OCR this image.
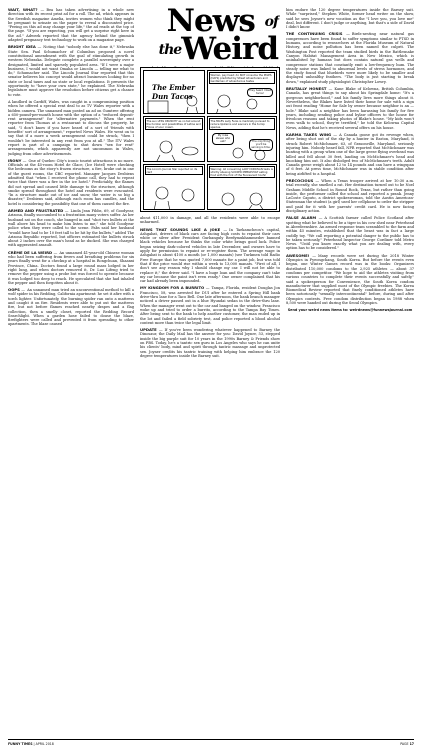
WAIT, WHAT? — Bea has taken advertising in a whole new direction with its recent print ad for a roll. The ad, which appears in the Swedish magazine Amelia, invites women who think they might be pregnant to urinate on the paper to reveal a discounted price. "Peeing on this ad may change your life," the ad reads at the top of the page. "If you are expecting, you will get a surprise right here in the ad." Adweek reported that the agency behind the gimmick adapted pregnancy test technology to work on a magazine page.
BRIGHT IDEA — Noting that "nobody else has done it," Nebraska State Sen. Paul Schumacher of Columbus proposed a novel constitutional amendment with the goal of stimulating growth in western Nebraska. Delegate complete a parallel sovereignty over a designated, limited and sparsely populated area. "If I were a major business, I would not want Omaha or Lincoln — telling me what to do," Schumacher said. The Lincoln Journal Star reported that this senator believes his concept would attract businesses looking for no state or local taxes and no state or local regulations. It presents the opportunity to "have your own state," he explained. The Nebraska legislature must approve the resolution before citizens get a chance to vote.
A landlord in Cardiff, Wales, was caught in a compromising position when he offered a special rent deal to as TV Wales reporter with a hidden camera. The unnamed man posted an ad on Gumtree offering a 650-pound-per-month house with the option of a "reduced deposit-rent arrangement" for "alternative payments." When the rent reporter from Thomas at a restaurant to discuss the property, he said, "I don't know if you have heard of a sort of 'friends with benefits' sort of arrangement," reported News Wales. He went on to say that if a more a week arrangement could be struck, "then I wouldn't be interested in any rent from you at all." The ITV Wales report is part of a campaign to shut down "sex for rent" arrangements, which apparently are not uncommon in Wales, judging from other advertisements.
IRONY — One of Quebec City's iconic tourist attractions is no more. Officials at the 45-room Hotel de Glace, (Ice Hotel) were checking the bedrooms as the story's frozen structure, a fire, broke out in one of the guest rooms, the CBC reported. Manager Jacques Desbiens admitted that "when I received the phone call, they had to repeat twice that there was a fire in the ice hotel." Predictably, the flames did not spread and caused little damage to the structure, although smoke spread throughout the hotel and residents were evacuated. "In a structure made out of ice and snow, the water is so big a disaster," Desbiens said, although each room has candles, and the hotel is considering the possibility that one of them caused the fire.
ARMED AND FRUSTRATED — Linda Jean Fibbs, 69, of Goodyear, Arizona, finally succumbed to a frustration many voters suffer. As her husband sat on the couch, she banged in and "shot two bullets at the wall above his head to make him listen to me," she told Goodyear police when they were called to the scene. Fabs said her husband "would have had to be 10 feet tall to be hit by the bullets," added The Arizona Republic reported, but officers estimated the bullets struck about 2 inches over the man's head as he ducked. She was charged with aggravated assault.
CRÈME DE LA WEIRD — An unnamed 41-year-old Chinese woman who had been suffering from fevers and breathing problems for six years finally went for a checkup at a hospital in Rongchuan, Shaanxi Province, China. Doctors found a large round mass lodged in her right lung, and when doctors removed it, Dr. Luo Lifeng tried to remove the pepper using a probe but was forced to operate because it was lodged too deep to reach. He speculated that she had inhaled the pepper and then forgotten about it.
OOPS — An unnamed man tried an unconventional method to kill a wolf spider in his Redding, California apartment: he set it afire with a torch lighter. Unfortunately, the burning spider ran onto a mattress and caught it on fire. Residents were able to put out the mattress fire, but not before flames reached nearby drapes and a flag collection, then a smelly closet, reported the Redding Record Searchlight. When a garden hose failed to douse the blaze, firefighters were called and prevented it from spreading to other apartments. The blaze caused
News of
theWeird
The Ember Dun Tacos
Woman, pay heed: do NOT consume the MILES (DAYS) predicted by Street Adventurers and Gentlemen of adventurous tastes
They heard I liked tacos!
The sun LESS CRUNCHY as no tail around the horizon and possibilities of Latina and Flores of sour cream.
The MILES Lady Fenis is medically pursued to reduce lipsterns and savours in the turnip species.
My roles eleven who eat?	The only thing you'll be serving is time.
The Lincoln Journal Star reported on its card
Warning: All consuming LADY DONOVAN tests is strictly abusing SUCKER MMBLEVOLT eating food with the fork of the fluorescent hoofs!
about $11,000 in damage, and all the residents were able to escape unharmed.
NEWS THAT SOUNDS LIKE A JOKE — In Taekamcheon's capital, Ashgabat, drivers of black cars are facing high costs to repaint their cars white or silver after President Gurbanguly Berdymukhammedov banned black vehicles because he thinks the color white brings good luck. Police began seizing dark-colored vehicles in late December, and owners have to apply for permission to repaint or re-register them. The average wage in Ashgabat is about $100 a month (or 1,000 manats) (see Turkmen told Radio Free Europe that he was quoted 7,000 manats for a paint job, but was told that if the price would rise within a week to 13,000 manats. "First of all, I don't see any reason why I should change my car. I will not be able to replace it," the driver said. "I have a huge loan and the company can't take my car because the paint isn't even ready." One owner complained that his car had already been impounded.
MY KINGDOM FOR A BURRITO — Tampa, Florida, resident Douglas Jon Francisco, 58, was arrested for DUI after he entered a Spring Hill bank drive-thru lane for a Taco Bell. One late afternoon, the bank branch manager noticed a driver passed out in a blue Hyundai sedan in the drive-thru lane. When the manager went out to the car and banged on the window, Francisco woke up and tried to order a burrito, according to the Tampa Bay Times. After being sent to the bank to help another customer, the man ended up in the lot and failed a field sobriety test, and police reported a blood alcohol content more than twice the legal limit.
UPDATE — If you've been wondering whatever happened to Barney the Dinosaur, the Daily Mail has the answer for you: David Joyner, 53, stepped inside the big purple suit for 10 years in the 1990s Barney & Friends show on PBS. Today, he's a tantric sex guru in Los Angeles who says he can unite his clients' body, mind and spirit through tantric massage and unprotected sex. Joyner credits his tantric training with helping him embrace the 120 degree temperatures inside the Barney suit.
him endure the 120 degree temperatures inside the Barney suit. While "surprised," Stephen White, former head writer on the show, said he sees Joyner's new vocation as the "I love you, you love me" deal, but different. I don't judge or anything, but that's a side of David I didn't know.
THE CONTINUING CRISIS —	Birds-nesting near natural gas compressors have been found to suffer symptoms similar to PTSD in humans, according to researchers at the Florida Museum of Natural History, and noise pollution has been named the culprit. The Washington Post reported the team studied birds in the Rattlesnake Canyon Habitat Management Area in New Mexico, which is uninhabited by humans but does contain natural gas wells and compressor stations that constantly emit a low-frequency hum. The steady noise was linked to abnormal levels of stress hormones, and the study found that bluebirds were more likely to be smaller and displayed unhealthy feathers. "The body is just starting to break down," explained study physiologist Christopher Lowry.
BRUTALLY HONEST — Kane Blake of Kelowna, British Columbia, Canada, has great things to say about his Springdale home: "It's a gorgeous neighborhood," and his family lives more things about it. Nevertheless, the Blakes have listed their home for sale with a sign out front reading "Home for Sale by owner because neighbor is an — hole." Blake said a neighbor has been harassing his family for five years, including sending police and bylaw officers to the house for frivolous reasons and taking photos of Blake's house. "My kids won't even walk to school, they're terrified," he told the Kelowna Capital News, adding that he's received several offers on his house.
KARMA TAKES WING — A Canada goose got its revenge when, after being shot out of the sky by a hunter in Easton, Maryland, it struck Robert McMichmaer, 63, of Grasonville, Maryland, seriously injuring him. Nobody heard fall, NPR reported that McMichmaer was hunting with a group when one of the large geese flying overhead was killed and fell about 30 feet, landing on McMichmaer's head and knocking him out. It also dislodged two of McMichmaer's teeth. Adult Canada geese weigh about 12 to 14 pounds and can have a wingspan of 6 feet. At press time, McMichmaer was in stable condition after being airlifted to a hospital.
PRECOCIOUS — When a Texas trooper arrived at her 10:30 a.m. trial recently, she smelled a rat. Her destination turned out to be Noel Graham Middle School in Round Rock, Texas, but rather than going inside, the performer called the school and reported a prank. Jenny LaCoste Caputo, a district spokeswoman, told the Austin American-Statesman the student (a girl) used her cellphone to order the stripper and paid for it with her parents' credit card. He is now facing disciplinary action.
FALSE ALARM — A Scottish farmer called Police Scotland after spotting what he believed to be a tiger in his cow shed near Peterhead in Aberdeenshire. An armed response team scrambled to the farm and within 45 minutes, established that the beast was in fact a large cuddly toy. "We call reporting a potential danger to the public has to be taken seriously," Peterhead Inspector George Cordiner told Metro News. "Until you know exactly what you are dealing with, every option has to be considered."
AWESOME! — Many records were set during the 2018 Winter Olympics in Pyeongchang, South Korea. But before the events even began, one Winter Games record was in the books: Organizers distributed 110,000 condoms to the 2,925 athletes — about 37 condoms per competitor. "We hope to aid the athletes visiting from various countries to complete their events successfully and safely," said a spokesperson for Convenience, the South Korea condom manufacturer that supplied most of the Olympic freebies. The Korea Biomedical Review reported that finely conditioned athletes have been notoriously "sexually intercontinental" before, during and after Olympics contests. Free condom distribution began in 1988 when 8,500 were handed out during the Seoul Olympics.
Send your weird news items to: weirdnews@funnewsjournal.com
FUNNY TIMES | APRIL 2018	PAGE 17
